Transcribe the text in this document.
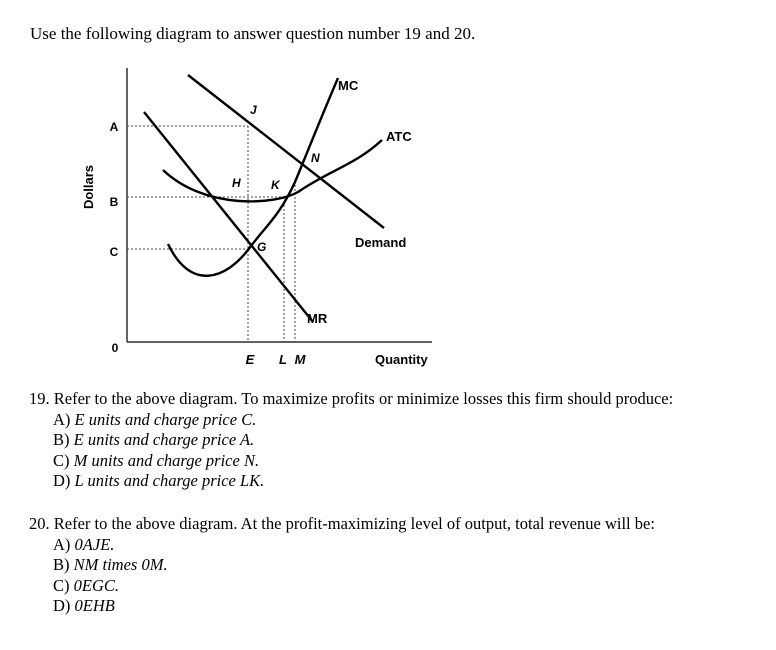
Use the following diagram to answer question number 19 and 20.
A
B
C
0
Dollars
E L M	Quantity
MC
ATC
Demand
MR
J
N
H	K
G
19. Refer to the above diagram. To maximize profits or minimize losses this firm should produce:
A) E units and charge price C.
B) E units and charge price A.
C) M units and charge price N.
D) L units and charge price LK.
20. Refer to the above diagram. At the profit-maximizing level of output, total revenue will be:
A) 0AJE.
B) NM times 0M.
C) 0EGC.
D) 0EHB
